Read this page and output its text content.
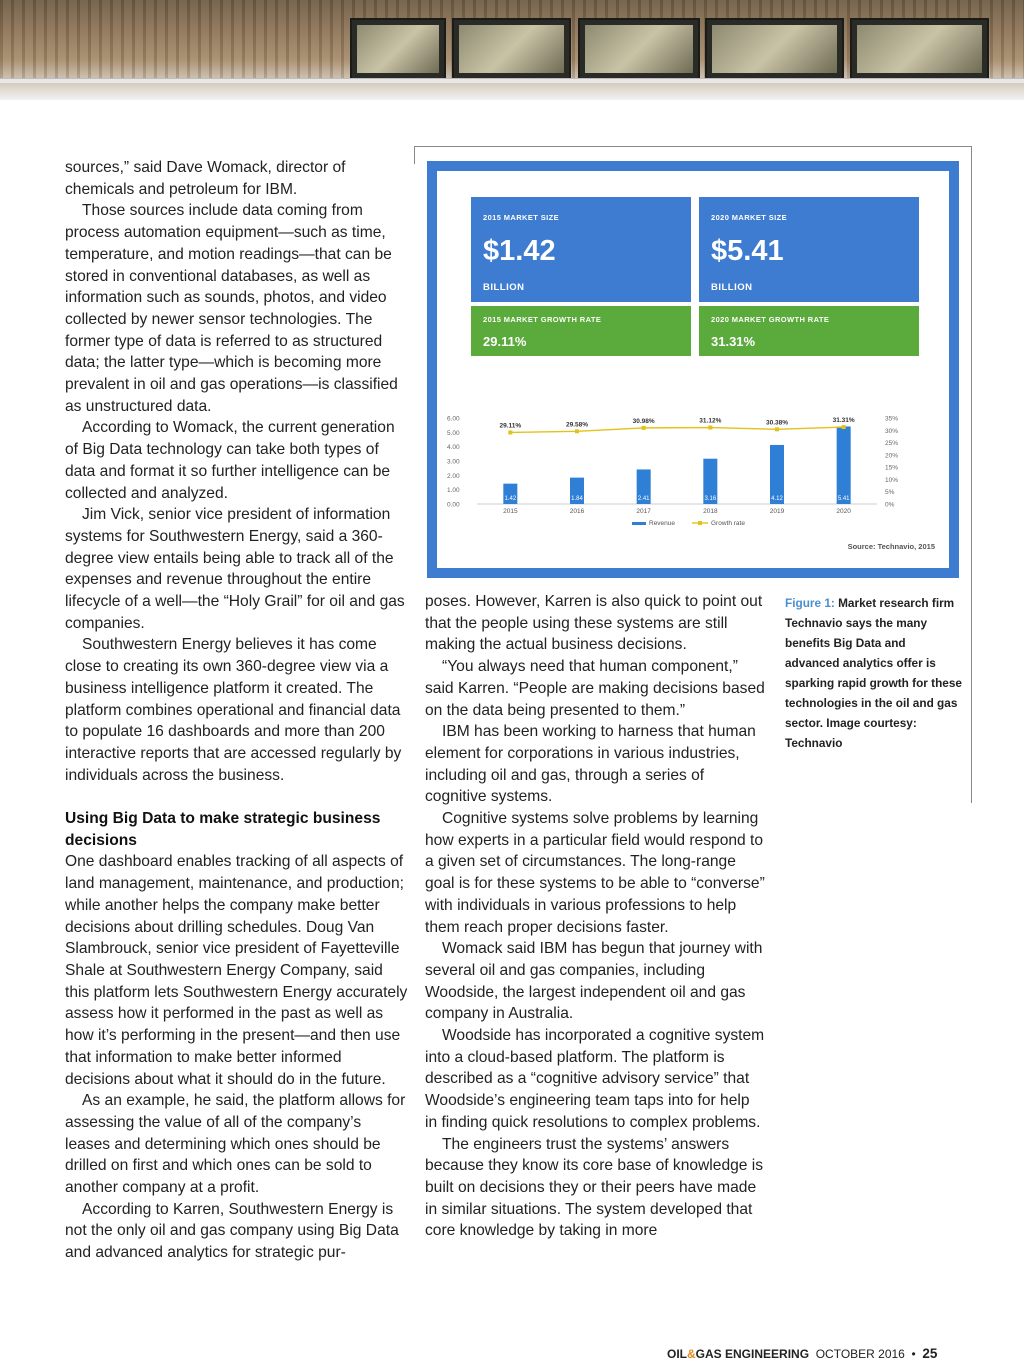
sources,” said Dave Womack, director of chemicals and petroleum for IBM.

Those sources include data coming from process automation equipment—such as time, temperature, and motion readings—that can be stored in conventional databases, as well as information such as sounds, photos, and video collected by newer sensor technologies. The former type of data is referred to as structured data; the latter type—which is becoming more prevalent in oil and gas operations—is classified as unstructured data.

According to Womack, the current generation of Big Data technology can take both types of data and format it so further intelligence can be collected and analyzed.

Jim Vick, senior vice president of information systems for Southwestern Energy, said a 360-degree view entails being able to track all of the expenses and revenue throughout the entire lifecycle of a well—the “Holy Grail” for oil and gas companies.

Southwestern Energy believes it has come close to creating its own 360-degree view via a business intelligence platform it created. The platform combines operational and financial data to populate 16 dashboards and more than 200 interactive reports that are accessed regularly by individuals across the business.

Using Big Data to make strategic business decisions

One dashboard enables tracking of all aspects of land management, maintenance, and production; while another helps the company make better decisions about drilling schedules. Doug Van Slambrouck, senior vice president of Fayetteville Shale at Southwestern Energy Company, said this platform lets Southwestern Energy accurately assess how it performed in the past as well as how it’s performing in the present—and then use that information to make better informed decisions about what it should do in the future.

As an example, he said, the platform allows for assessing the value of all of the company’s leases and determining which ones should be drilled on first and which ones can be sold to another company at a profit.

According to Karren, Southwestern Energy is not the only oil and gas company using Big Data and advanced analytics for strategic pur-

poses. However, Karren is also quick to point out that the people using these systems are still making the actual business decisions.

“You always need that human component,” said Karren. “People are making decisions based on the data being presented to them.”

IBM has been working to harness that human element for corporations in various industries, including oil and gas, through a series of cognitive systems.

Cognitive systems solve problems by learning how experts in a particular field would respond to a given set of circumstances. The long-range goal is for these systems to be able to “converse” with individuals in various professions to help them reach proper decisions faster.

Womack said IBM has begun that journey with several oil and gas companies, including Woodside, the largest independent oil and gas company in Australia.

Woodside has incorporated a cognitive system into a cloud-based platform. The platform is described as a “cognitive advisory service” that Woodside’s engineering team taps into for help in finding quick resolutions to complex problems.

The engineers trust the systems’ answers because they know its core base of knowledge is built on decisions they or their peers have made in similar situations. The system developed that core knowledge by taking in more

2015 MARKET SIZE
$1.42
BILLION
2020 MARKET SIZE
$5.41
BILLION
2015 MARKET GROWTH RATE
29.11%
2020 MARKET GROWTH RATE
31.31%
0.00
1.00
2.00
3.00
4.00
5.00
6.00
0%
5%
10%
15%
20%
25%
30%
35%
1.42
2015
1.84
2016
2.41
2017
3.16
2018
4.12
2019
5.41
2020
29.11%	29.58%	30.98%	31.12%	30.38%	31.31%
Revenue	Growth rate
Source: Technavio, 2015
Figure 1: Market research firm Technavio says the many benefits Big Data and advanced analytics offer is sparking rapid growth for these technologies in the oil and gas sector. Image courtesy: Technavio
OIL&GAS ENGINEERING OCTOBER 2016 • 25
